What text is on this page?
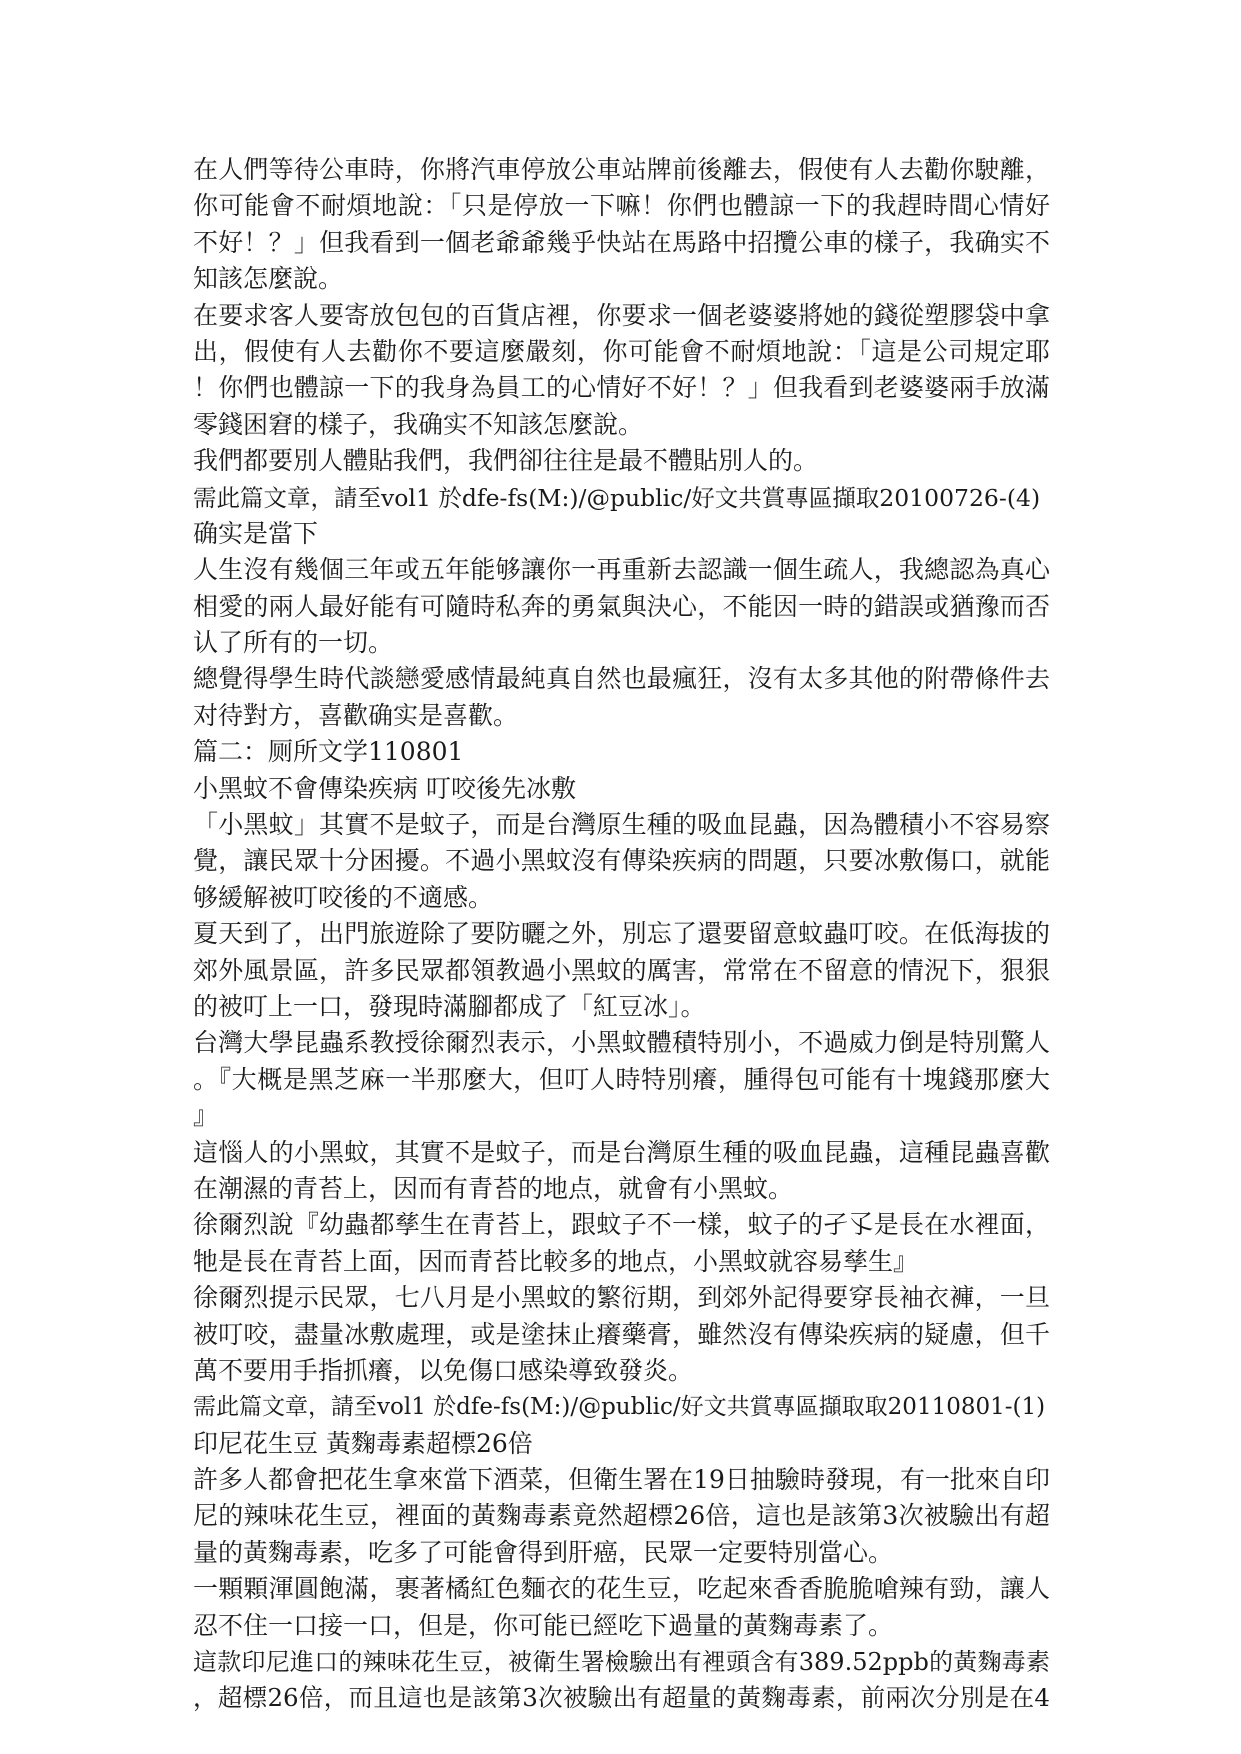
在人們等待公車時，你將汽車停放公車站牌前後離去，假使有人去勸你駛離，
你可能會不耐煩地說：「只是停放一下嘛！你們也體諒一下的我趕時間心情好
不好！？」但我看到一個老爺爺幾乎快站在馬路中招攬公車的樣子，我确实不
知該怎麼說。
在要求客人要寄放包包的百貨店裡，你要求一個老婆婆將她的錢從塑膠袋中拿
出，假使有人去勸你不要這麼嚴刻，你可能會不耐煩地說：「這是公司規定耶
！你們也體諒一下的我身為員工的心情好不好！？」但我看到老婆婆兩手放滿
零錢困窘的樣子，我确实不知該怎麼說。
我們都要別人體貼我們，我們卻往往是最不體貼別人的。
需此篇文章，請至vol1 於dfe-fs(M:)/@public/好文共賞專區擷取20100726-(4)
确实是當下
人生沒有幾個三年或五年能够讓你一再重新去認識一個生疏人，我總認為真心
相愛的兩人最好能有可隨時私奔的勇氣與決心，不能因一時的錯誤或猶豫而否
认了所有的一切。
總覺得學生時代談戀愛感情最純真自然也最瘋狂，沒有太多其他的附帶條件去
对待對方，喜歡确实是喜歡。
篇二：厕所文学110801
小黑蚊不會傳染疾病 叮咬後先冰敷
「小黑蚊」其實不是蚊子，而是台灣原生種的吸血昆蟲，因為體積小不容易察
覺，讓民眾十分困擾。不過小黑蚊沒有傳染疾病的問題，只要冰敷傷口，就能
够緩解被叮咬後的不適感。
夏天到了，出門旅遊除了要防曬之外，別忘了還要留意蚊蟲叮咬。在低海拔的
郊外風景區，許多民眾都領教過小黑蚊的厲害，常常在不留意的情況下，狠狠
的被叮上一口，發現時滿腳都成了「紅豆冰」。
台灣大學昆蟲系教授徐爾烈表示，小黑蚊體積特別小，不過威力倒是特別驚人
。『大概是黑芝麻一半那麼大，但叮人時特別癢，腫得包可能有十塊錢那麼大
』
這惱人的小黑蚊，其實不是蚊子，而是台灣原生種的吸血昆蟲，這種昆蟲喜歡
在潮濕的青苔上，因而有青苔的地点，就會有小黑蚊。
徐爾烈說『幼蟲都孳生在青苔上，跟蚊子不一樣，蚊子的孑孓是長在水裡面，
牠是長在青苔上面，因而青苔比較多的地点，小黑蚊就容易孳生』
徐爾烈提示民眾，七八月是小黑蚊的繁衍期，到郊外記得要穿長袖衣褲，一旦
被叮咬，盡量冰敷處理，或是塗抹止癢藥膏，雖然沒有傳染疾病的疑慮，但千
萬不要用手指抓癢，以免傷口感染導致發炎。
需此篇文章，請至vol1 於dfe-fs(M:)/@public/好文共賞專區擷取取20110801-(1)
印尼花生豆 黃麴毒素超標26倍
許多人都會把花生拿來當下酒菜，但衛生署在19日抽驗時發現，有一批來自印
尼的辣味花生豆，裡面的黃麴毒素竟然超標26倍，這也是該第3次被驗出有超
量的黃麴毒素，吃多了可能會得到肝癌，民眾一定要特別當心。
一顆顆渾圓飽滿，裹著橘紅色麵衣的花生豆，吃起來香香脆脆嗆辣有勁，讓人
忍不住一口接一口，但是，你可能已經吃下過量的黃麴毒素了。
這款印尼進口的辣味花生豆，被衛生署檢驗出有裡頭含有389.52ppb的黃麴毒素
，超標26倍，而且這也是該第3次被驗出有超量的黃麴毒素，前兩次分別是在4
